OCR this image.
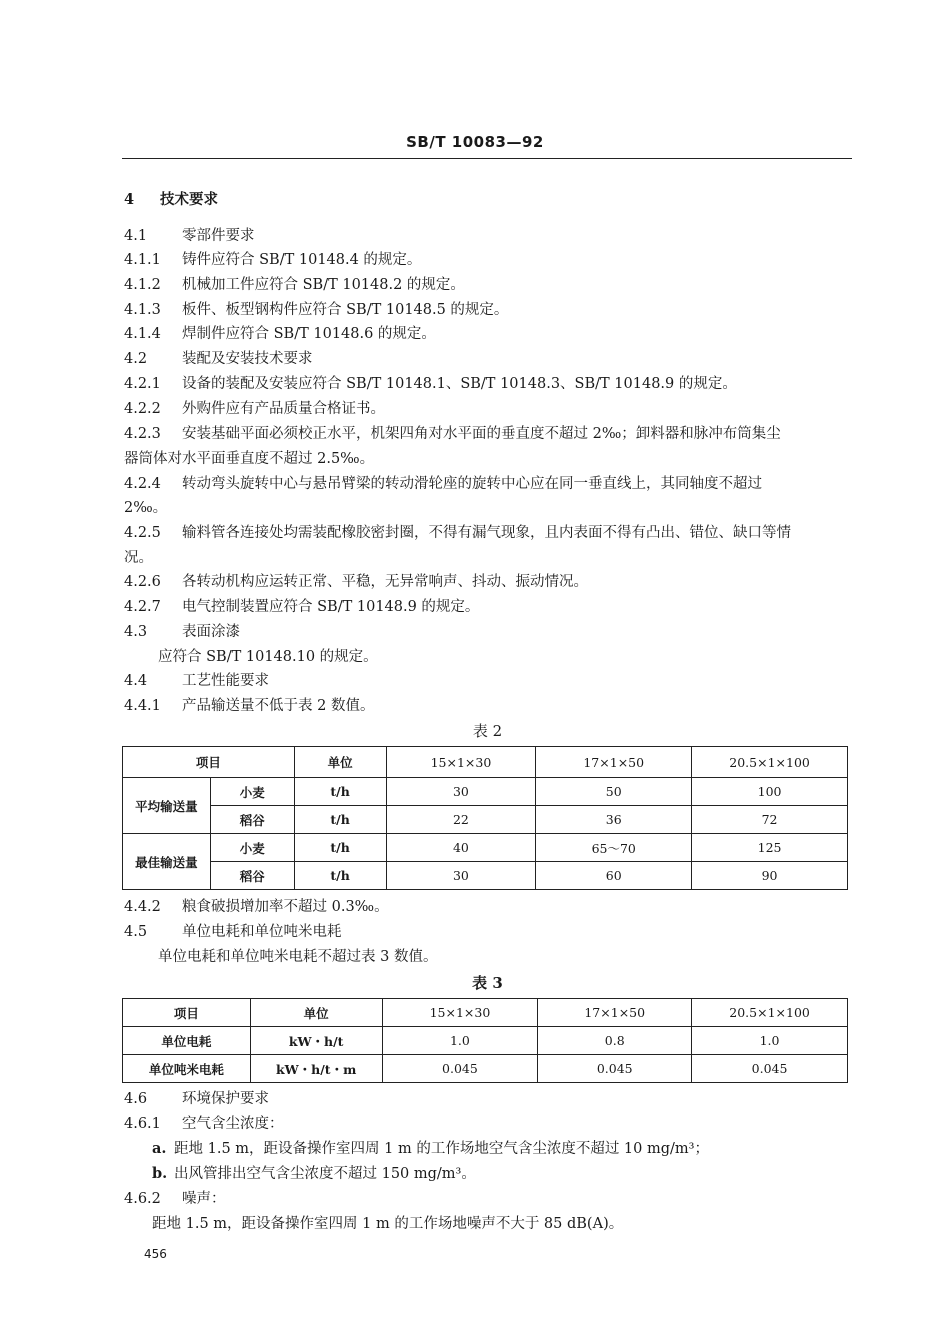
SB/T 10083—92
4 技术要求
4.1 零部件要求
4.1.1 铸件应符合 SB/T 10148.4 的规定。
4.1.2 机械加工件应符合 SB/T 10148.2 的规定。
4.1.3 板件、板型钢构件应符合 SB/T 10148.5 的规定。
4.1.4 焊制件应符合 SB/T 10148.6 的规定。
4.2 装配及安装技术要求
4.2.1 设备的装配及安装应符合 SB/T 10148.1、SB/T 10148.3、SB/T 10148.9 的规定。
4.2.2 外购件应有产品质量合格证书。
4.2.3 安装基础平面必须校正水平，机架四角对水平面的垂直度不超过 2‰；卸料器和脉冲布筒集尘
器筒体对水平面垂直度不超过 2.5‰。
4.2.4 转动弯头旋转中心与悬吊臂梁的转动滑轮座的旋转中心应在同一垂直线上，其同轴度不超过
2‰。
4.2.5 输料管各连接处均需装配橡胶密封圈，不得有漏气现象，且内表面不得有凸出、错位、缺口等情
况。
4.2.6 各转动机构应运转正常、平稳，无异常响声、抖动、振动情况。
4.2.7 电气控制装置应符合 SB/T 10148.9 的规定。
4.3 表面涂漆
应符合 SB/T 10148.10 的规定。
4.4 工艺性能要求
4.4.1 产品输送量不低于表 2 数值。
表 2
项目		单位	15×1×30	17×1×50	20.5×1×100
平均输送量	小麦	t/h	30	50	100
	稻谷	t/h	22	36	72
最佳输送量	小麦	t/h	40	65～70	125
	稻谷	t/h	30	60	90
4.4.2 粮食破损增加率不超过 0.3‰。
4.5 单位电耗和单位吨米电耗
单位电耗和单位吨米电耗不超过表 3 数值。
表 3
项目	单位	15×1×30	17×1×50	20.5×1×100
单位电耗	kW・h/t	1.0	0.8	1.0
单位吨米电耗	kW・h/t・m	0.045	0.045	0.045
4.6 环境保护要求
4.6.1 空气含尘浓度：
a. 距地 1.5 m，距设备操作室四周 1 m 的工作场地空气含尘浓度不超过 10 mg/m³；
b. 出风管排出空气含尘浓度不超过 150 mg/m³。
4.6.2 噪声：
距地 1.5 m，距设备操作室四周 1 m 的工作场地噪声不大于 85 dB(A)。
456
